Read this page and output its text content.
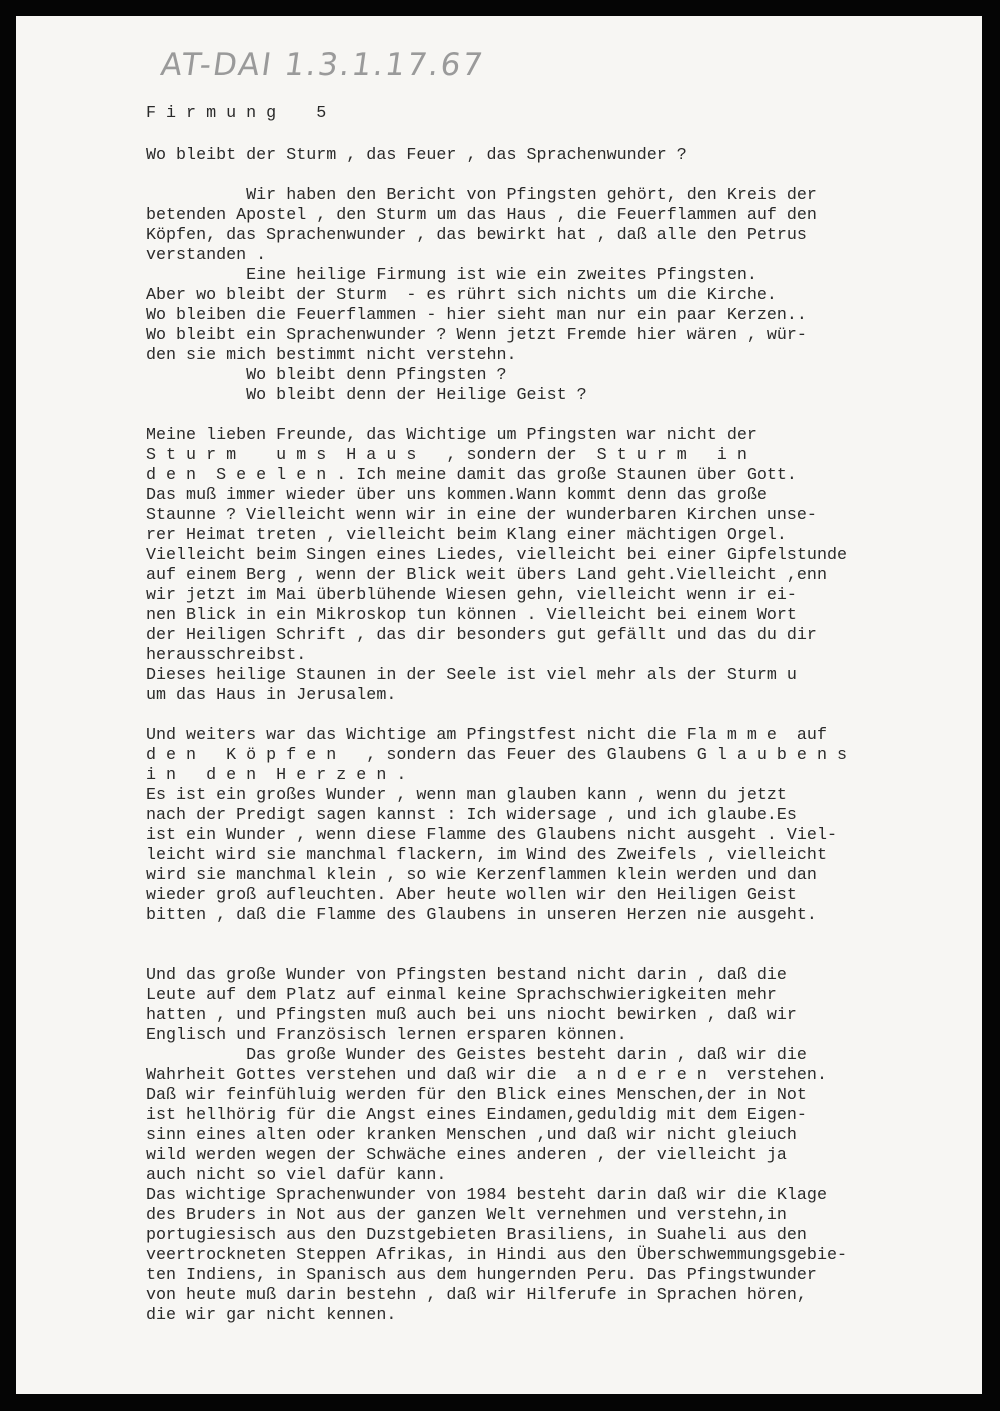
AT-DAI 1.3.1.17.67
F i r m u n g    5
Wo bleibt der Sturm , das Feuer , das Sprachenwunder ?
Wir haben den Bericht von Pfingsten gehört, den Kreis der
betenden Apostel , den Sturm um das Haus , die Feuerflammen auf den
Köpfen, das Sprachenwunder , das bewirkt hat , daß alle den Petrus
verstanden .
Eine heilige Firmung ist wie ein zweites Pfingsten.
Aber wo bleibt der Sturm  - es rührt sich nichts um die Kirche.
Wo bleiben die Feuerflammen - hier sieht man nur ein paar Kerzen..
Wo bleibt ein Sprachenwunder ? Wenn jetzt Fremde hier wären , wür-
den sie mich bestimmt nicht verstehn.
Wo bleibt denn Pfingsten ?
Wo bleibt denn der Heilige Geist ?
Meine lieben Freunde, das Wichtige um Pfingsten war nicht der
S t u r m    u m s  H a u s   , sondern der  S t u r m   i n
d e n  S e e l e n . Ich meine damit das große Staunen über Gott.
Das muß immer wieder über uns kommen.Wann kommt denn das große
Staunne ? Vielleicht wenn wir in eine der wunderbaren Kirchen unse-
rer Heimat treten , vielleicht beim Klang einer mächtigen Orgel.
Vielleicht beim Singen eines Liedes, vielleicht bei einer Gipfelstunde
auf einem Berg , wenn der Blick weit übers Land geht.Vielleicht ,enn
wir jetzt im Mai überblühende Wiesen gehn, vielleicht wenn ir ei-
nen Blick in ein Mikroskop tun können . Vielleicht bei einem Wort
der Heiligen Schrift , das dir besonders gut gefällt und das du dir
herausschreibst.
Dieses heilige Staunen in der Seele ist viel mehr als der Sturm u
um das Haus in Jerusalem.
Und weiters war das Wichtige am Pfingstfest nicht die Fla m m e  auf
d e n   K ö p f e n   , sondern das Feuer des Glaubens G l a u b e n s
i n   d e n  H e r z e n .
Es ist ein großes Wunder , wenn man glauben kann , wenn du jetzt
nach der Predigt sagen kannst : Ich widersage , und ich glaube.Es
ist ein Wunder , wenn diese Flamme des Glaubens nicht ausgeht . Viel-
leicht wird sie manchmal flackern, im Wind des Zweifels , vielleicht
wird sie manchmal klein , so wie Kerzenflammen klein werden und dan
wieder groß aufleuchten. Aber heute wollen wir den Heiligen Geist
bitten , daß die Flamme des Glaubens in unseren Herzen nie ausgeht.
Und das große Wunder von Pfingsten bestand nicht darin , daß die
Leute auf dem Platz auf einmal keine Sprachschwierigkeiten mehr
hatten , und Pfingsten muß auch bei uns niocht bewirken , daß wir
Englisch und Französisch lernen ersparen können.
Das große Wunder des Geistes besteht darin , daß wir die
Wahrheit Gottes verstehen und daß wir die  a n d e r e n  verstehen.
Daß wir feinfühluig werden für den Blick eines Menschen,der in Not
ist hellhörig für die Angst eines Eindamen,geduldig mit dem Eigen-
sinn eines alten oder kranken Menschen ,und daß wir nicht gleiuch
wild werden wegen der Schwäche eines anderen , der vielleicht ja
auch nicht so viel dafür kann.
Das wichtige Sprachenwunder von 1984 besteht darin daß wir die Klage
des Bruders in Not aus der ganzen Welt vernehmen und verstehn,in
portugiesisch aus den Duzstgebieten Brasiliens, in Suaheli aus den
veertrockneten Steppen Afrikas, in Hindi aus den Überschwemmungsgebie-
ten Indiens, in Spanisch aus dem hungernden Peru. Das Pfingstwunder
von heute muß darin bestehn , daß wir Hilferufe in Sprachen hören,
die wir gar nicht kennen.
